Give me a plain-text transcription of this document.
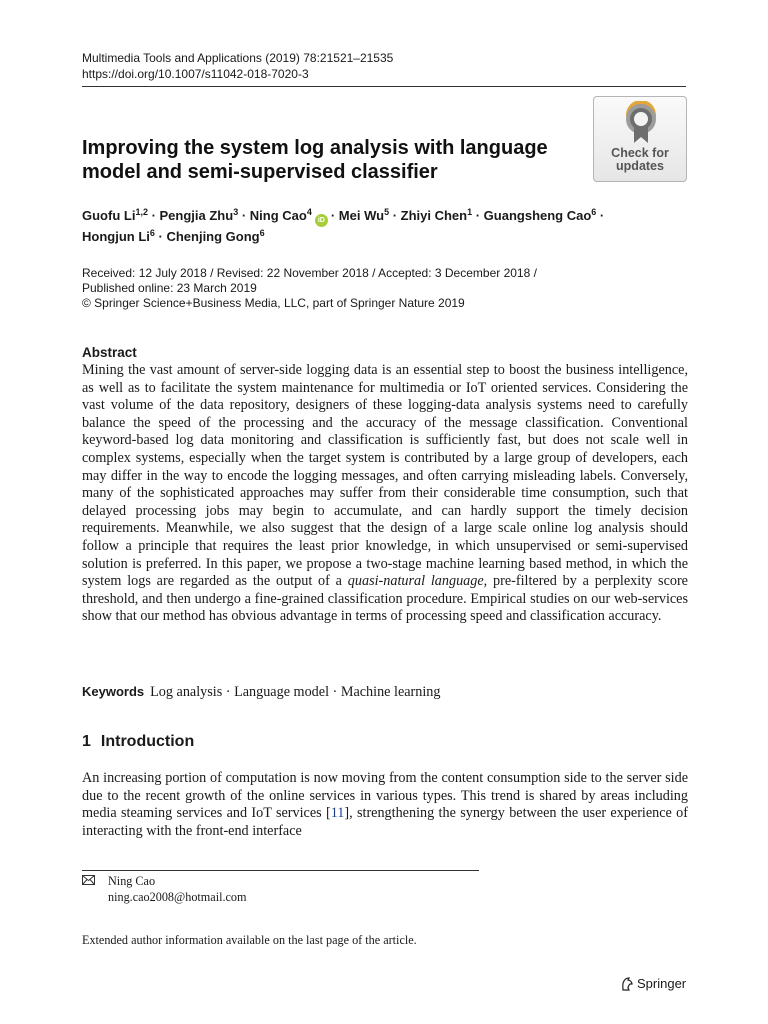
Multimedia Tools and Applications (2019) 78:21521–21535
https://doi.org/10.1007/s11042-018-7020-3
Check for
updates
Improving the system log analysis with language model and semi-supervised classifier
Guofu Li$^{1,2}$ · Pengjia Zhu$^3$ · Ning Cao$^4$iD · Mei $Wu^5$ · Zhiyi Chen$^1$ · Guangsheng Cao$^6$ ·
Hongjun $Li^6$ · Chenjing Gong$^6$
Received: 12 July 2018 / Revised: 22 November 2018 / Accepted: 3 December 2018 /
Published online: 23 March 2019
© Springer Science+Business Media, LLC, part of Springer Nature 2019
Abstract
Mining the vast amount of server-side logging data is an essential step to boost the business intelligence, as well as to facilitate the system maintenance for multimedia or IoT oriented services. Considering the vast volume of the data repository, designers of these logging-data analysis systems need to carefully balance the speed of the processing and the accuracy of the message classification. Conventional keyword-based log data monitoring and classification is sufficiently fast, but does not scale well in complex systems, especially when the target system is contributed by a large group of developers, each may differ in the way to encode the logging messages, and often carrying misleading labels. Conversely, many of the sophisticated approaches may suffer from their considerable time consumption, such that delayed processing jobs may begin to accumulate, and can hardly support the timely decision requirements. Meanwhile, we also suggest that the design of a large scale online log analysis should follow a principle that requires the least prior knowledge, in which unsupervised or semi-supervised solution is preferred. In this paper, we propose a two-stage machine learning based method, in which the system logs are regarded as the output of a quasi-natural language, pre-filtered by a perplexity score threshold, and then undergo a fine-grained classification procedure. Empirical studies on our web-services show that our method has obvious advantage in terms of processing speed and classification accuracy.
Keywords Log analysis · Language model · Machine learning
1 Introduction
An increasing portion of computation is now moving from the content consumption side to the server side due to the recent growth of the online services in various types. This trend is shared by areas including media steaming services and IoT services [11], strengthening the synergy between the user experience of interacting with the front-end interface
Ning Cao
ning.cao2008@hotmail.com
Extended author information available on the last page of the article.
Springer
